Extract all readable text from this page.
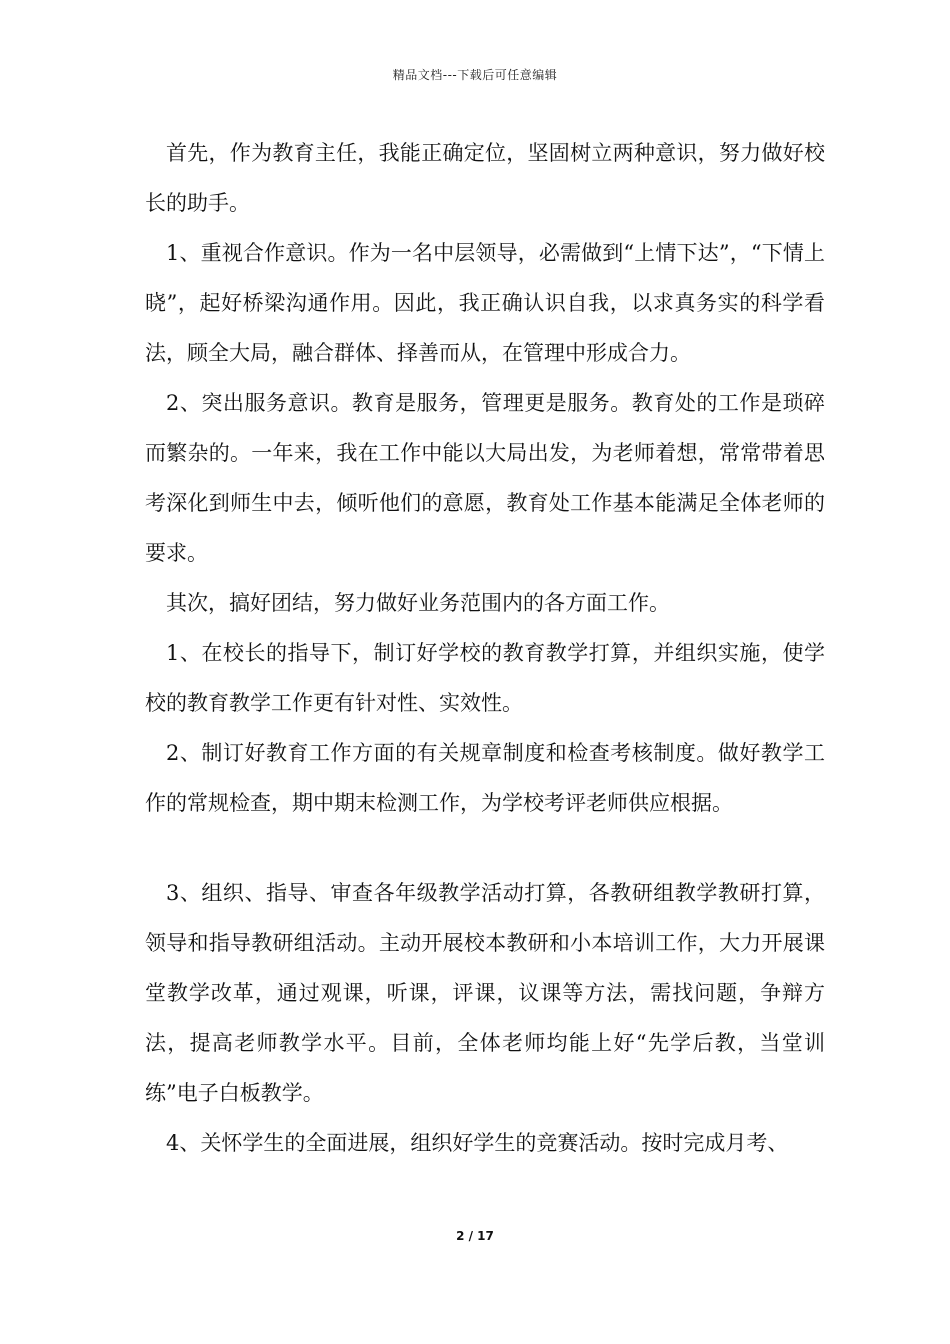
精品文档---下载后可任意编辑

首先，作为教育主任，我能正确定位，坚固树立两种意识，努力做好校长的助手。

1、重视合作意识。作为一名中层领导，必需做到“上情下达”，“下情上晓”，起好桥梁沟通作用。因此，我正确认识自我，以求真务实的科学看法，顾全大局，融合群体、择善而从，在管理中形成合力。

2、突出服务意识。教育是服务，管理更是服务。教育处的工作是琐碎而繁杂的。一年来，我在工作中能以大局出发，为老师着想，常常带着思考深化到师生中去，倾听他们的意愿，教育处工作基本能满足全体老师的要求。

其次，搞好团结，努力做好业务范围内的各方面工作。

1、在校长的指导下，制订好学校的教育教学打算，并组织实施，使学校的教育教学工作更有针对性、实效性。

2、制订好教育工作方面的有关规章制度和检查考核制度。做好教学工作的常规检查，期中期末检测工作，为学校考评老师供应根据。

3、组织、指导、审查各年级教学活动打算，各教研组教学教研打算，领导和指导教研组活动。主动开展校本教研和小本培训工作，大力开展课堂教学改革，通过观课，听课，评课，议课等方法，需找问题，争辩方法，提高老师教学水平。目前，全体老师均能上好“先学后教，当堂训练”电子白板教学。

4、关怀学生的全面进展，组织好学生的竞赛活动。按时完成月考、

2 / 17
